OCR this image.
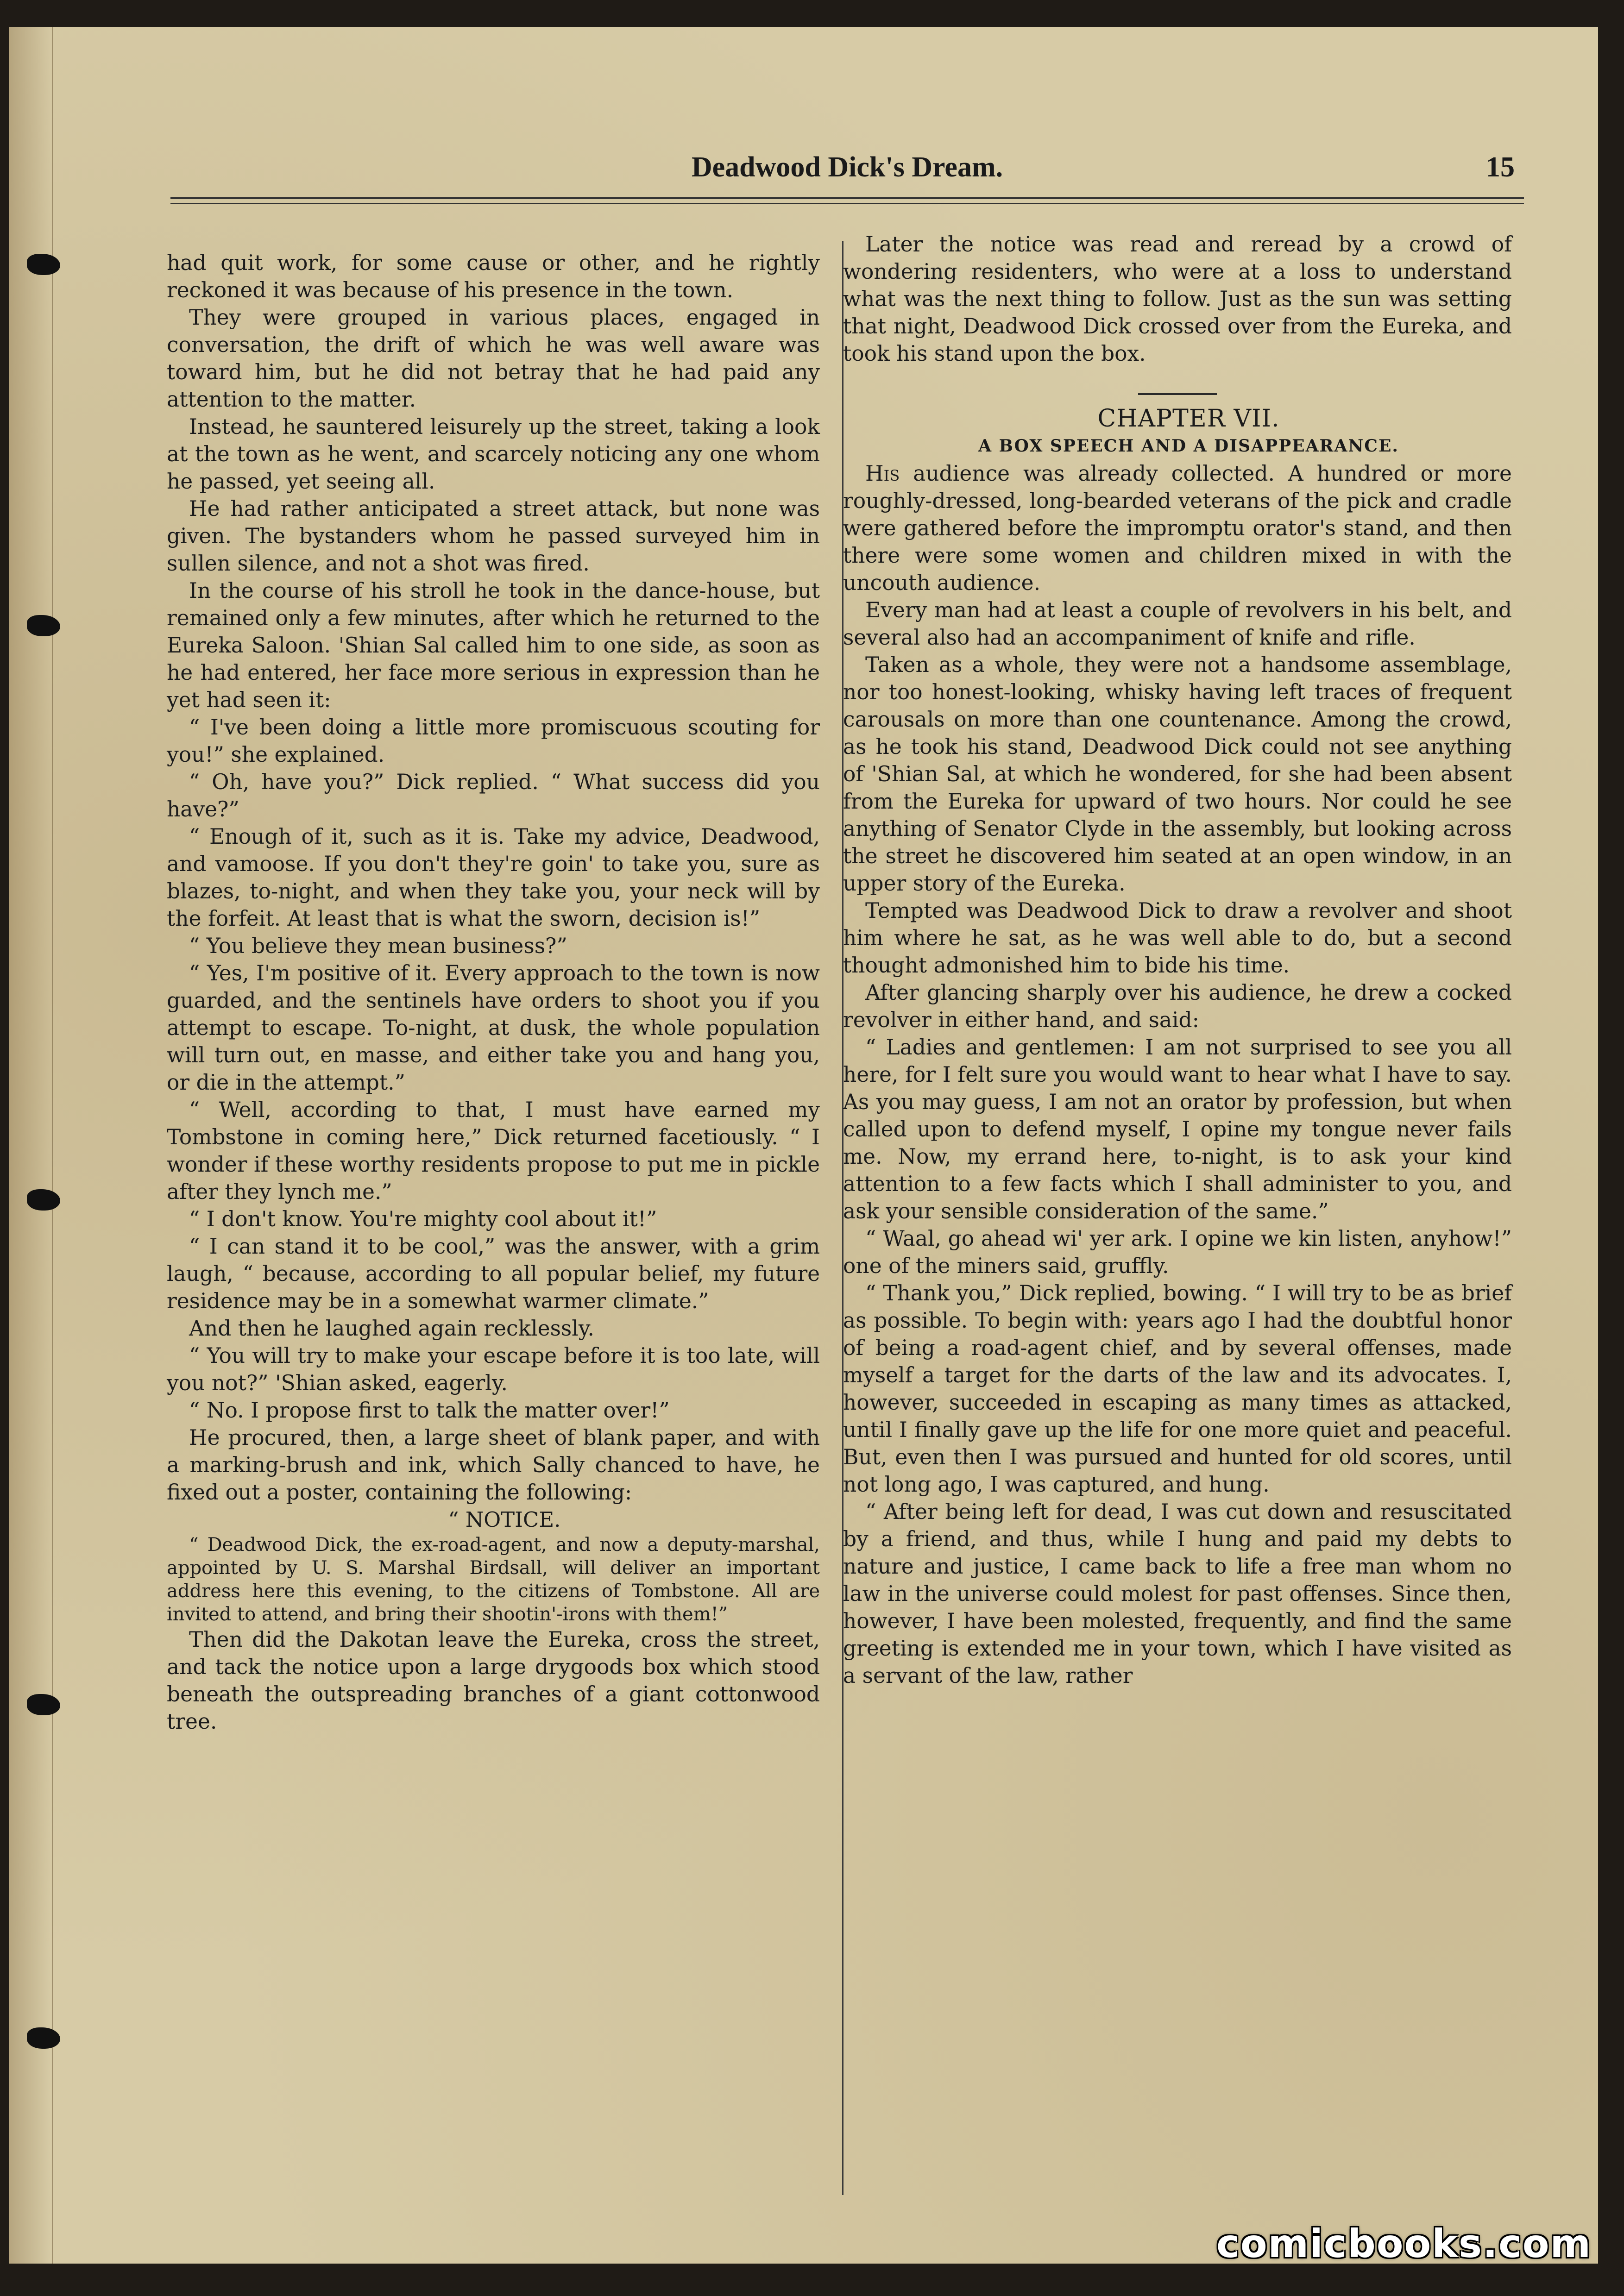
Deadwood Dick's Dream.	15

had quit work, for some cause or other, and he rightly reckoned it was because of his presence in the town.

They were grouped in various places, engaged in conversation, the drift of which he was well aware was toward him, but he did not betray that he had paid any attention to the matter.

Instead, he sauntered leisurely up the street, taking a look at the town as he went, and scarcely noticing any one whom he passed, yet seeing all.

He had rather anticipated a street attack, but none was given. The bystanders whom he passed surveyed him in sullen silence, and not a shot was fired.

In the course of his stroll he took in the dance-house, but remained only a few minutes, after which he returned to the Eureka Saloon. 'Shian Sal called him to one side, as soon as he had entered, her face more serious in expression than he yet had seen it:

“ I've been doing a little more promiscuous scouting for you!” she explained.

“ Oh, have you?” Dick replied. “ What success did you have?”

“ Enough of it, such as it is. Take my advice, Deadwood, and vamoose. If you don't they're goin' to take you, sure as blazes, to-night, and when they take you, your neck will by the forfeit. At least that is what the sworn, decision is!”

“ You believe they mean business?”

“ Yes, I'm positive of it. Every approach to the town is now guarded, and the sentinels have orders to shoot you if you attempt to escape. To-night, at dusk, the whole population will turn out, en masse, and either take you and hang you, or die in the attempt.”

“ Well, according to that, I must have earned my Tombstone in coming here,” Dick returned facetiously. “ I wonder if these worthy residents propose to put me in pickle after they lynch me.”

“ I don't know. You're mighty cool about it!”

“ I can stand it to be cool,” was the answer, with a grim laugh, “ because, according to all popular belief, my future residence may be in a somewhat warmer climate.”

And then he laughed again recklessly.

“ You will try to make your escape before it is too late, will you not?” 'Shian asked, eagerly.

“ No. I propose first to talk the matter over!”

He procured, then, a large sheet of blank paper, and with a marking-brush and ink, which Sally chanced to have, he fixed out a poster, containing the following:

“ NOTICE.

“ Deadwood Dick, the ex-road-agent, and now a deputy-marshal, appointed by U. S. Marshal Birdsall, will deliver an important address here this evening, to the citizens of Tombstone. All are invited to attend, and bring their shootin'-irons with them!”

Then did the Dakotan leave the Eureka, cross the street, and tack the notice upon a large drygoods box which stood beneath the outspreading branches of a giant cottonwood tree.

Later the notice was read and reread by a crowd of wondering residenters, who were at a loss to understand what was the next thing to follow. Just as the sun was setting that night, Deadwood Dick crossed over from the Eureka, and took his stand upon the box.

CHAPTER VII.

A BOX SPEECH AND A DISAPPEARANCE.

His audience was already collected. A hundred or more roughly-dressed, long-bearded veterans of the pick and cradle were gathered before the impromptu orator's stand, and then there were some women and children mixed in with the uncouth audience.

Every man had at least a couple of revolvers in his belt, and several also had an accompaniment of knife and rifle.

Taken as a whole, they were not a handsome assemblage, nor too honest-looking, whisky having left traces of frequent carousals on more than one countenance. Among the crowd, as he took his stand, Deadwood Dick could not see anything of 'Shian Sal, at which he wondered, for she had been absent from the Eureka for upward of two hours. Nor could he see anything of Senator Clyde in the assembly, but looking across the street he discovered him seated at an open window, in an upper story of the Eureka.

Tempted was Deadwood Dick to draw a revolver and shoot him where he sat, as he was well able to do, but a second thought admonished him to bide his time.

After glancing sharply over his audience, he drew a cocked revolver in either hand, and said:

“ Ladies and gentlemen: I am not surprised to see you all here, for I felt sure you would want to hear what I have to say. As you may guess, I am not an orator by profession, but when called upon to defend myself, I opine my tongue never fails me. Now, my errand here, to-night, is to ask your kind attention to a few facts which I shall administer to you, and ask your sensible consideration of the same.”

“ Waal, go ahead wi' yer ark. I opine we kin listen, anyhow!” one of the miners said, gruffly.

“ Thank you,” Dick replied, bowing. “ I will try to be as brief as possible. To begin with: years ago I had the doubtful honor of being a road-agent chief, and by several offenses, made myself a target for the darts of the law and its advocates. I, however, succeeded in escaping as many times as attacked, until I finally gave up the life for one more quiet and peaceful. But, even then I was pursued and hunted for old scores, until not long ago, I was captured, and hung.

“ After being left for dead, I was cut down and resuscitated by a friend, and thus, while I hung and paid my debts to nature and justice, I came back to life a free man whom no law in the universe could molest for past offenses. Since then, however, I have been molested, frequently, and find the same greeting is extended me in your town, which I have visited as a servant of the law, rather

comicbooks.com
